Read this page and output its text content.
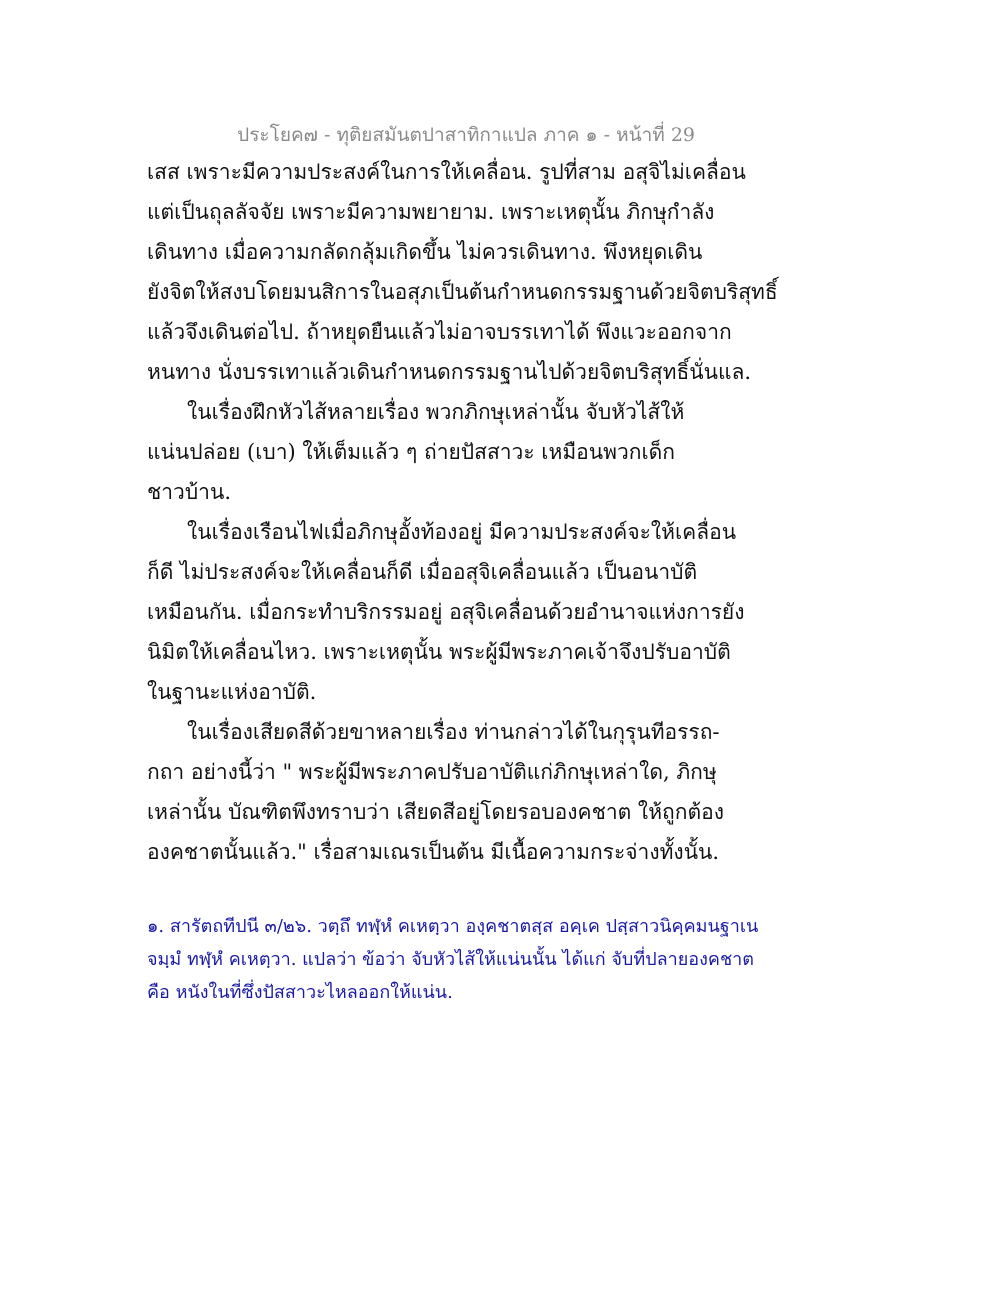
ประโยค๗ - ทุติยสมันตปาสาทิกาแปล ภาค ๑ - หน้าที่ 29
เสส เพราะมีความประสงค์ในการให้เคลื่อน. รูปที่สาม อสุจิไม่เคลื่อน
แต่เป็นถุลลัจจัย เพราะมีความพยายาม. เพราะเหตุนั้น ภิกษุกำลัง
เดินทาง เมื่อความกลัดกลุ้มเกิดขึ้น ไม่ควรเดินทาง. พึงหยุดเดิน
ยังจิตให้สงบโดยมนสิการในอสุภเป็นต้นกำหนดกรรมฐานด้วยจิตบริสุทธิ์
แล้วจึงเดินต่อไป. ถ้าหยุดยืนแล้วไม่อาจบรรเทาได้ พึงแวะออกจาก
หนทาง นั่งบรรเทาแล้วเดินกำหนดกรรมฐานไปด้วยจิตบริสุทธิ์นั่นแล.
ในเรื่องฝึกหัวไส้หลายเรื่อง พวกภิกษุเหล่านั้น จับหัวไส้ให้
แน่นปล่อย (เบา) ให้เต็มแล้ว ๆ ถ่ายปัสสาวะ เหมือนพวกเด็ก
ชาวบ้าน.
ในเรื่องเรือนไฟเมื่อภิกษุอั้งท้องอยู่ มีความประสงค์จะให้เคลื่อน
ก็ดี ไม่ประสงค์จะให้เคลื่อนก็ดี เมื่ออสุจิเคลื่อนแล้ว เป็นอนาบัติ
เหมือนกัน. เมื่อกระทำบริกรรมอยู่ อสุจิเคลื่อนด้วยอำนาจแห่งการยัง
นิมิตให้เคลื่อนไหว. เพราะเหตุนั้น พระผู้มีพระภาคเจ้าจึงปรับอาบัติ
ในฐานะแห่งอาบัติ.
ในเรื่องเสียดสีด้วยขาหลายเรื่อง ท่านกล่าวได้ในกุรุนทีอรรถ-
กถา อย่างนี้ว่า " พระผู้มีพระภาคปรับอาบัติแก่ภิกษุเหล่าใด, ภิกษุ
เหล่านั้น บัณฑิตพึงทราบว่า เสียดสีอยู่โดยรอบองคชาต ให้ถูกต้อง
องคชาตนั้นแล้ว." เรื่อสามเณรเป็นต้น มีเนื้อความกระจ่างทั้งนั้น.
๑. สารัตถทีปนี ๓/๒๖. วตฺถึ ทฬฺหํ คเหตฺวา องฺคชาตสฺส อคฺเค ปสฺสาวนิคฺคมนฐาเน
จมฺมํ ทฬฺหํ คเหตฺวา. แปลว่า ข้อว่า จับหัวไส้ให้แน่นนั้น ได้แก่ จับที่ปลายองคชาต
คือ หนังในที่ซึ่งปัสสาวะไหลออกให้แน่น.
